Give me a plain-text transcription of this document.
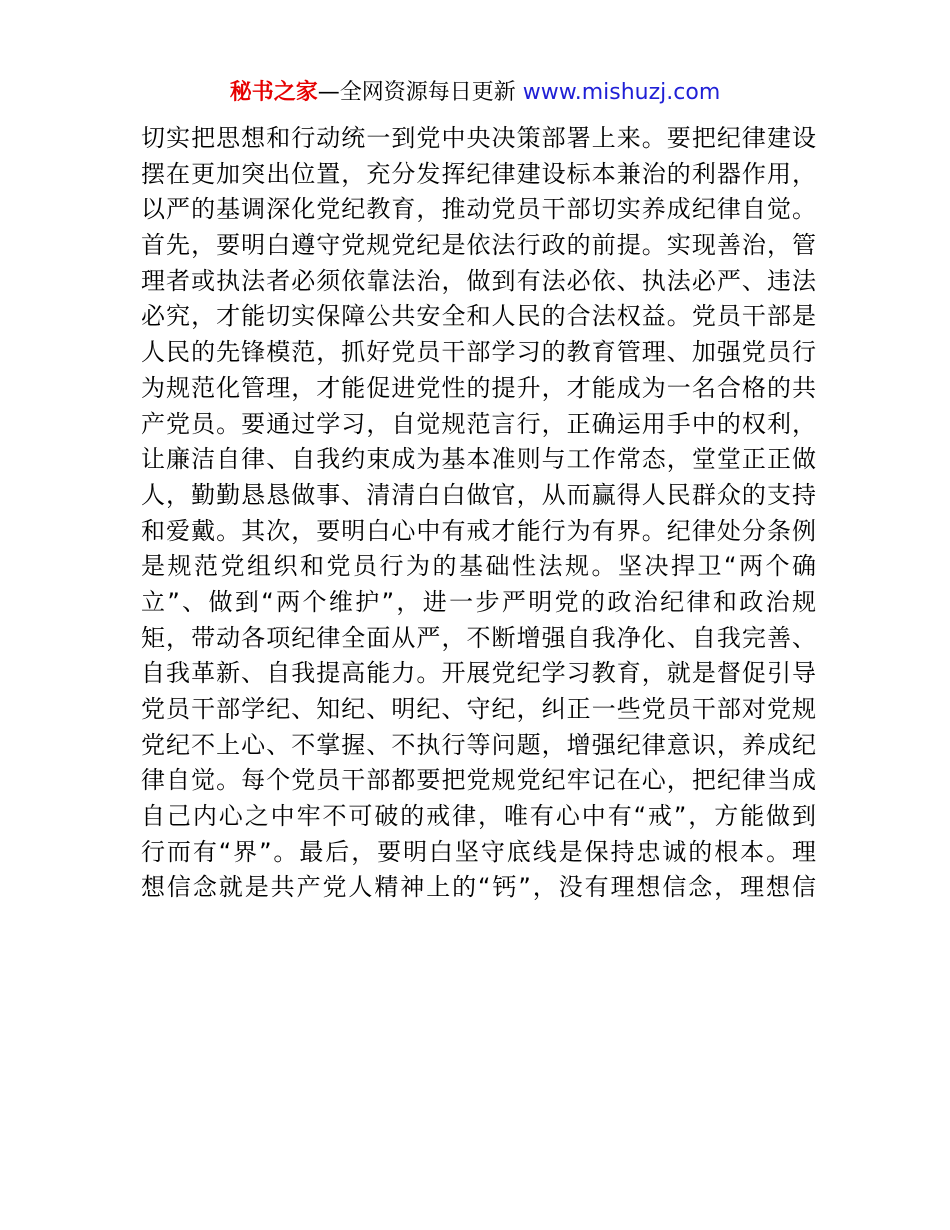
秘书之家—全网资源每日更新 www.mishuzj.com
切实把思想和行动统一到党中央决策部署上来。要把纪律建设
摆在更加突出位置，充分发挥纪律建设标本兼治的利器作用，
以严的基调深化党纪教育，推动党员干部切实养成纪律自觉。
首先，要明白遵守党规党纪是依法行政的前提。实现善治，管
理者或执法者必须依靠法治，做到有法必依、执法必严、违法
必究，才能切实保障公共安全和人民的合法权益。党员干部是
人民的先锋模范，抓好党员干部学习的教育管理、加强党员行
为规范化管理，才能促进党性的提升，才能成为一名合格的共
产党员。要通过学习，自觉规范言行，正确运用手中的权利，
让廉洁自律、自我约束成为基本准则与工作常态，堂堂正正做
人，勤勤恳恳做事、清清白白做官，从而赢得人民群众的支持
和爱戴。其次，要明白心中有戒才能行为有界。纪律处分条例
是规范党组织和党员行为的基础性法规。坚决捍卫“两个确
立”、做到“两个维护”，进一步严明党的政治纪律和政治规
矩，带动各项纪律全面从严，不断增强自我净化、自我完善、
自我革新、自我提高能力。开展党纪学习教育，就是督促引导
党员干部学纪、知纪、明纪、守纪，纠正一些党员干部对党规
党纪不上心、不掌握、不执行等问题，增强纪律意识，养成纪
律自觉。每个党员干部都要把党规党纪牢记在心，把纪律当成
自己内心之中牢不可破的戒律，唯有心中有“戒”，方能做到
行而有“界”。最后，要明白坚守底线是保持忠诚的根本。理
想信念就是共产党人精神上的“钙”，没有理想信念，理想信
